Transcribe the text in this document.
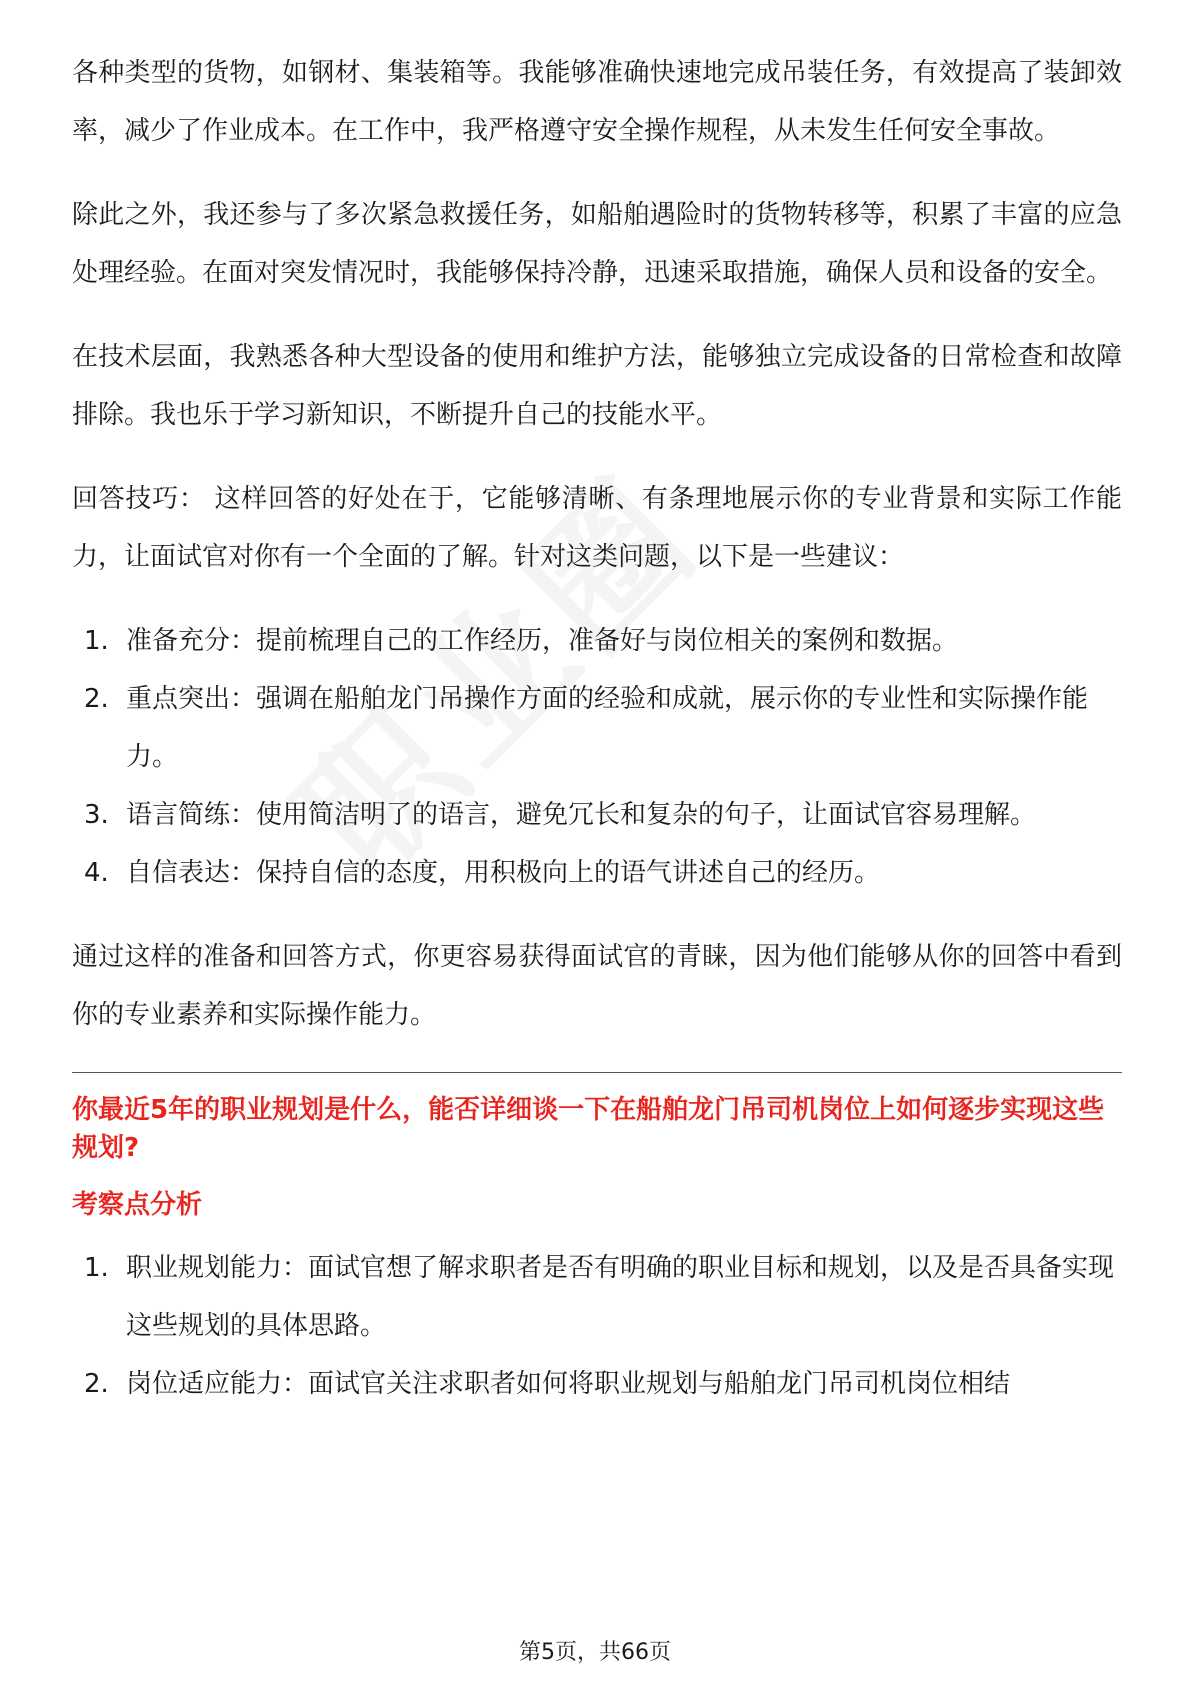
各种类型的货物，如钢材、集装箱等。我能够准确快速地完成吊装任务，有效提高了装卸效率，减少了作业成本。在工作中，我严格遵守安全操作规程，从未发生任何安全事故。

除此之外，我还参与了多次紧急救援任务，如船舶遇险时的货物转移等，积累了丰富的应急处理经验。在面对突发情况时，我能够保持冷静，迅速采取措施，确保人员和设备的安全。

在技术层面，我熟悉各种大型设备的使用和维护方法，能够独立完成设备的日常检查和故障排除。我也乐于学习新知识，不断提升自己的技能水平。

回答技巧： 这样回答的好处在于，它能够清晰、有条理地展示你的专业背景和实际工作能力，让面试官对你有一个全面的了解。针对这类问题，以下是一些建议：

1. 准备充分：提前梳理自己的工作经历，准备好与岗位相关的案例和数据。
2. 重点突出：强调在船舶龙门吊操作方面的经验和成就，展示你的专业性和实际操作能力。
3. 语言简练：使用简洁明了的语言，避免冗长和复杂的句子，让面试官容易理解。
4. 自信表达：保持自信的态度，用积极向上的语气讲述自己的经历。

通过这样的准备和回答方式，你更容易获得面试官的青睐，因为他们能够从你的回答中看到你的专业素养和实际操作能力。

你最近5年的职业规划是什么，能否详细谈一下在船舶龙门吊司机岗位上如何逐步实现这些规划?
考察点分析
1. 职业规划能力：面试官想了解求职者是否有明确的职业目标和规划，以及是否具备实现这些规划的具体思路。
2. 岗位适应能力：面试官关注求职者如何将职业规划与船舶龙门吊司机岗位相结
第5页，共66页
